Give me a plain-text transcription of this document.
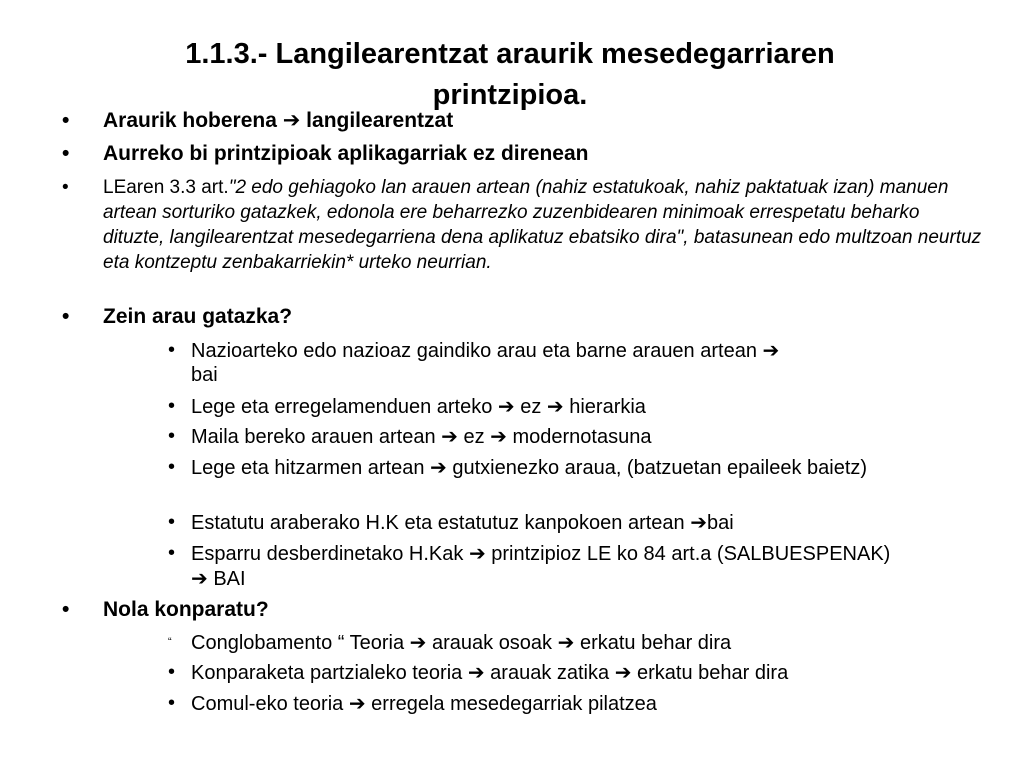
1.1.3.- Langilearentzat araurik mesedegarriaren
printzipioa.
•	Araurik hoberena ➔ langilearentzat
•	Aurreko bi printzipioak aplikagarriak ez direnean
•	LEaren 3.3 art."2 edo gehiagoko lan arauen artean (nahiz estatukoak, nahiz paktatuak izan) manuen artean sorturiko gatazkek, edonola ere beharrezko zuzenbidearen minimoak errespetatu beharko dituzte, langilearentzat mesedegarriena dena aplikatuz ebatsiko dira", batasunean edo multzoan neurtuz eta kontzeptu zenbakarriekin* urteko neurrian.
•	Zein arau gatazka?
• Nazioarteko edo nazioaz gaindiko arau eta barne arauen artean ➔
bai
• Lege eta erregelamenduen arteko ➔ ez ➔ hierarkia
• Maila bereko arauen artean ➔ ez ➔ modernotasuna
• Lege eta hitzarmen artean ➔ gutxienezko araua, (batzuetan epaileek baietz)
• Estatutu araberako H.K eta estatutuz kanpokoen artean ➔bai
• Esparru desberdinetako H.Kak ➔ printzipioz LE ko 84 art.a (SALBUESPENAK) ➔ BAI
•	Nola konparatu?
“ Conglobamento “ Teoria ➔ arauak osoak ➔ erkatu behar dira
• Konparaketa partzialeko teoria ➔ arauak zatika ➔ erkatu behar dira
• Comul-eko teoria ➔ erregela mesedegarriak pilatzea
